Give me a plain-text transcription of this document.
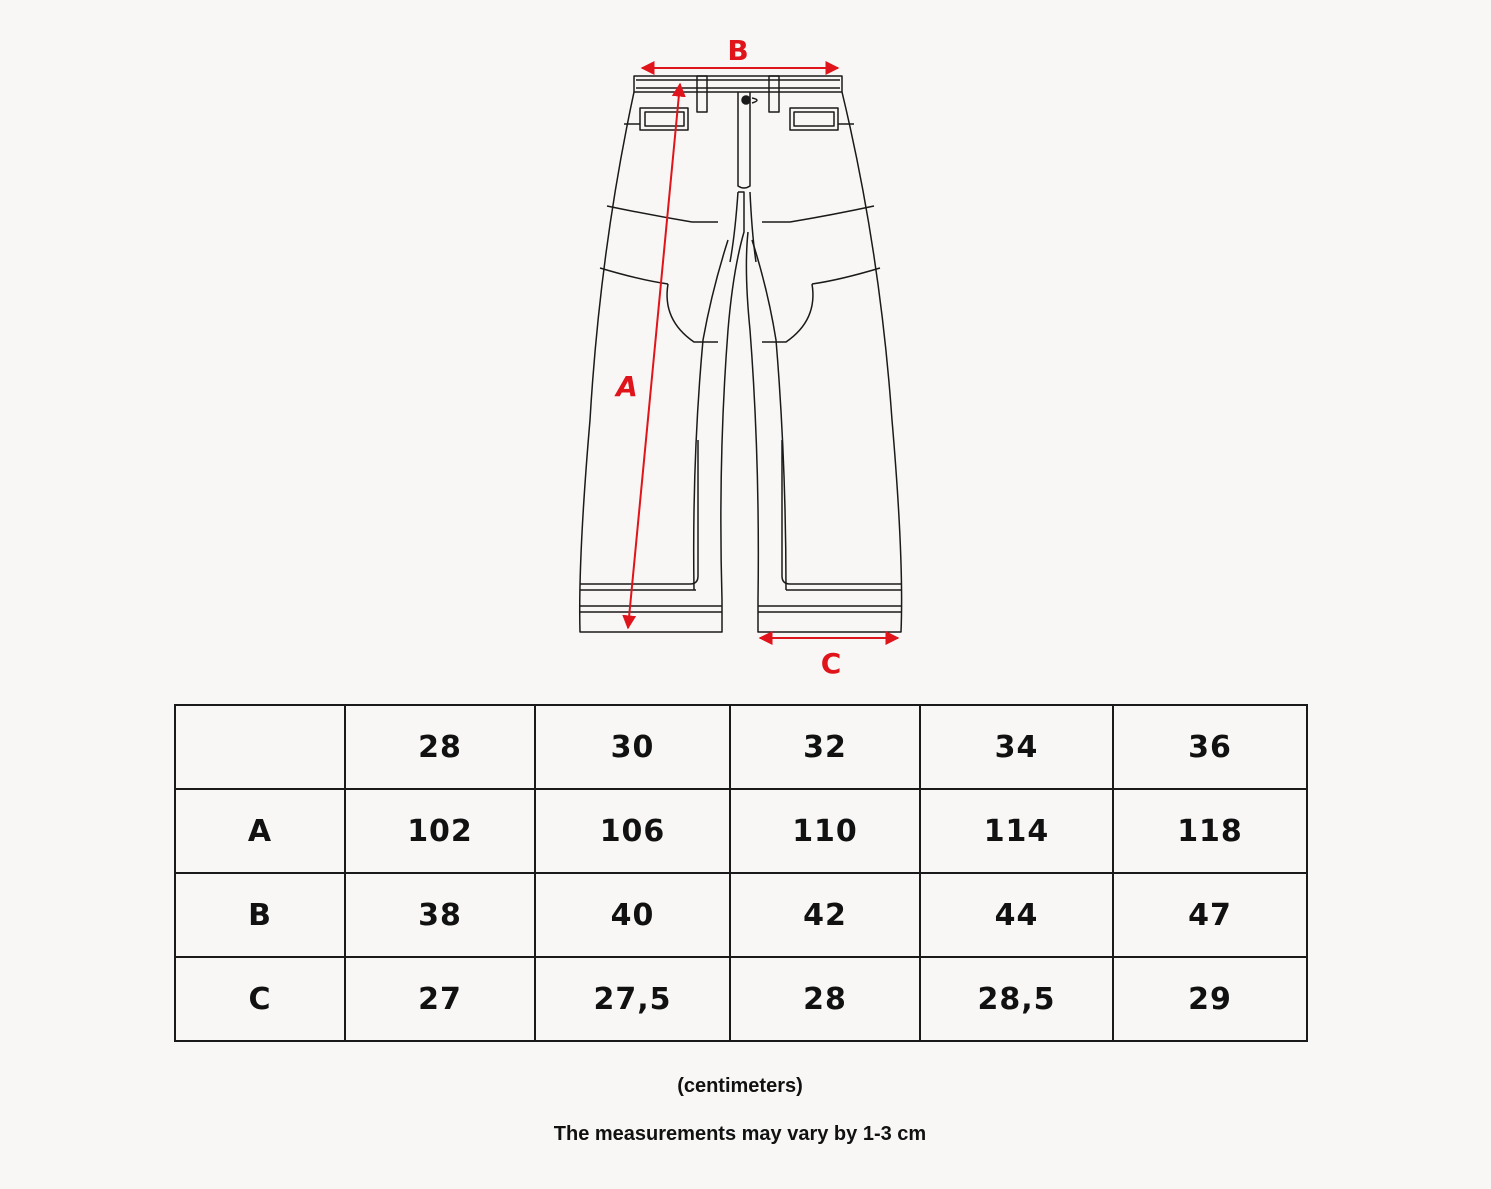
B
A
C
	28	30	32	34	36
A	102	106	110	114	118
B	38	40	42	44	47
C	27	27,5	28	28,5	29
(centimeters)
The measurements may vary by 1-3 cm
